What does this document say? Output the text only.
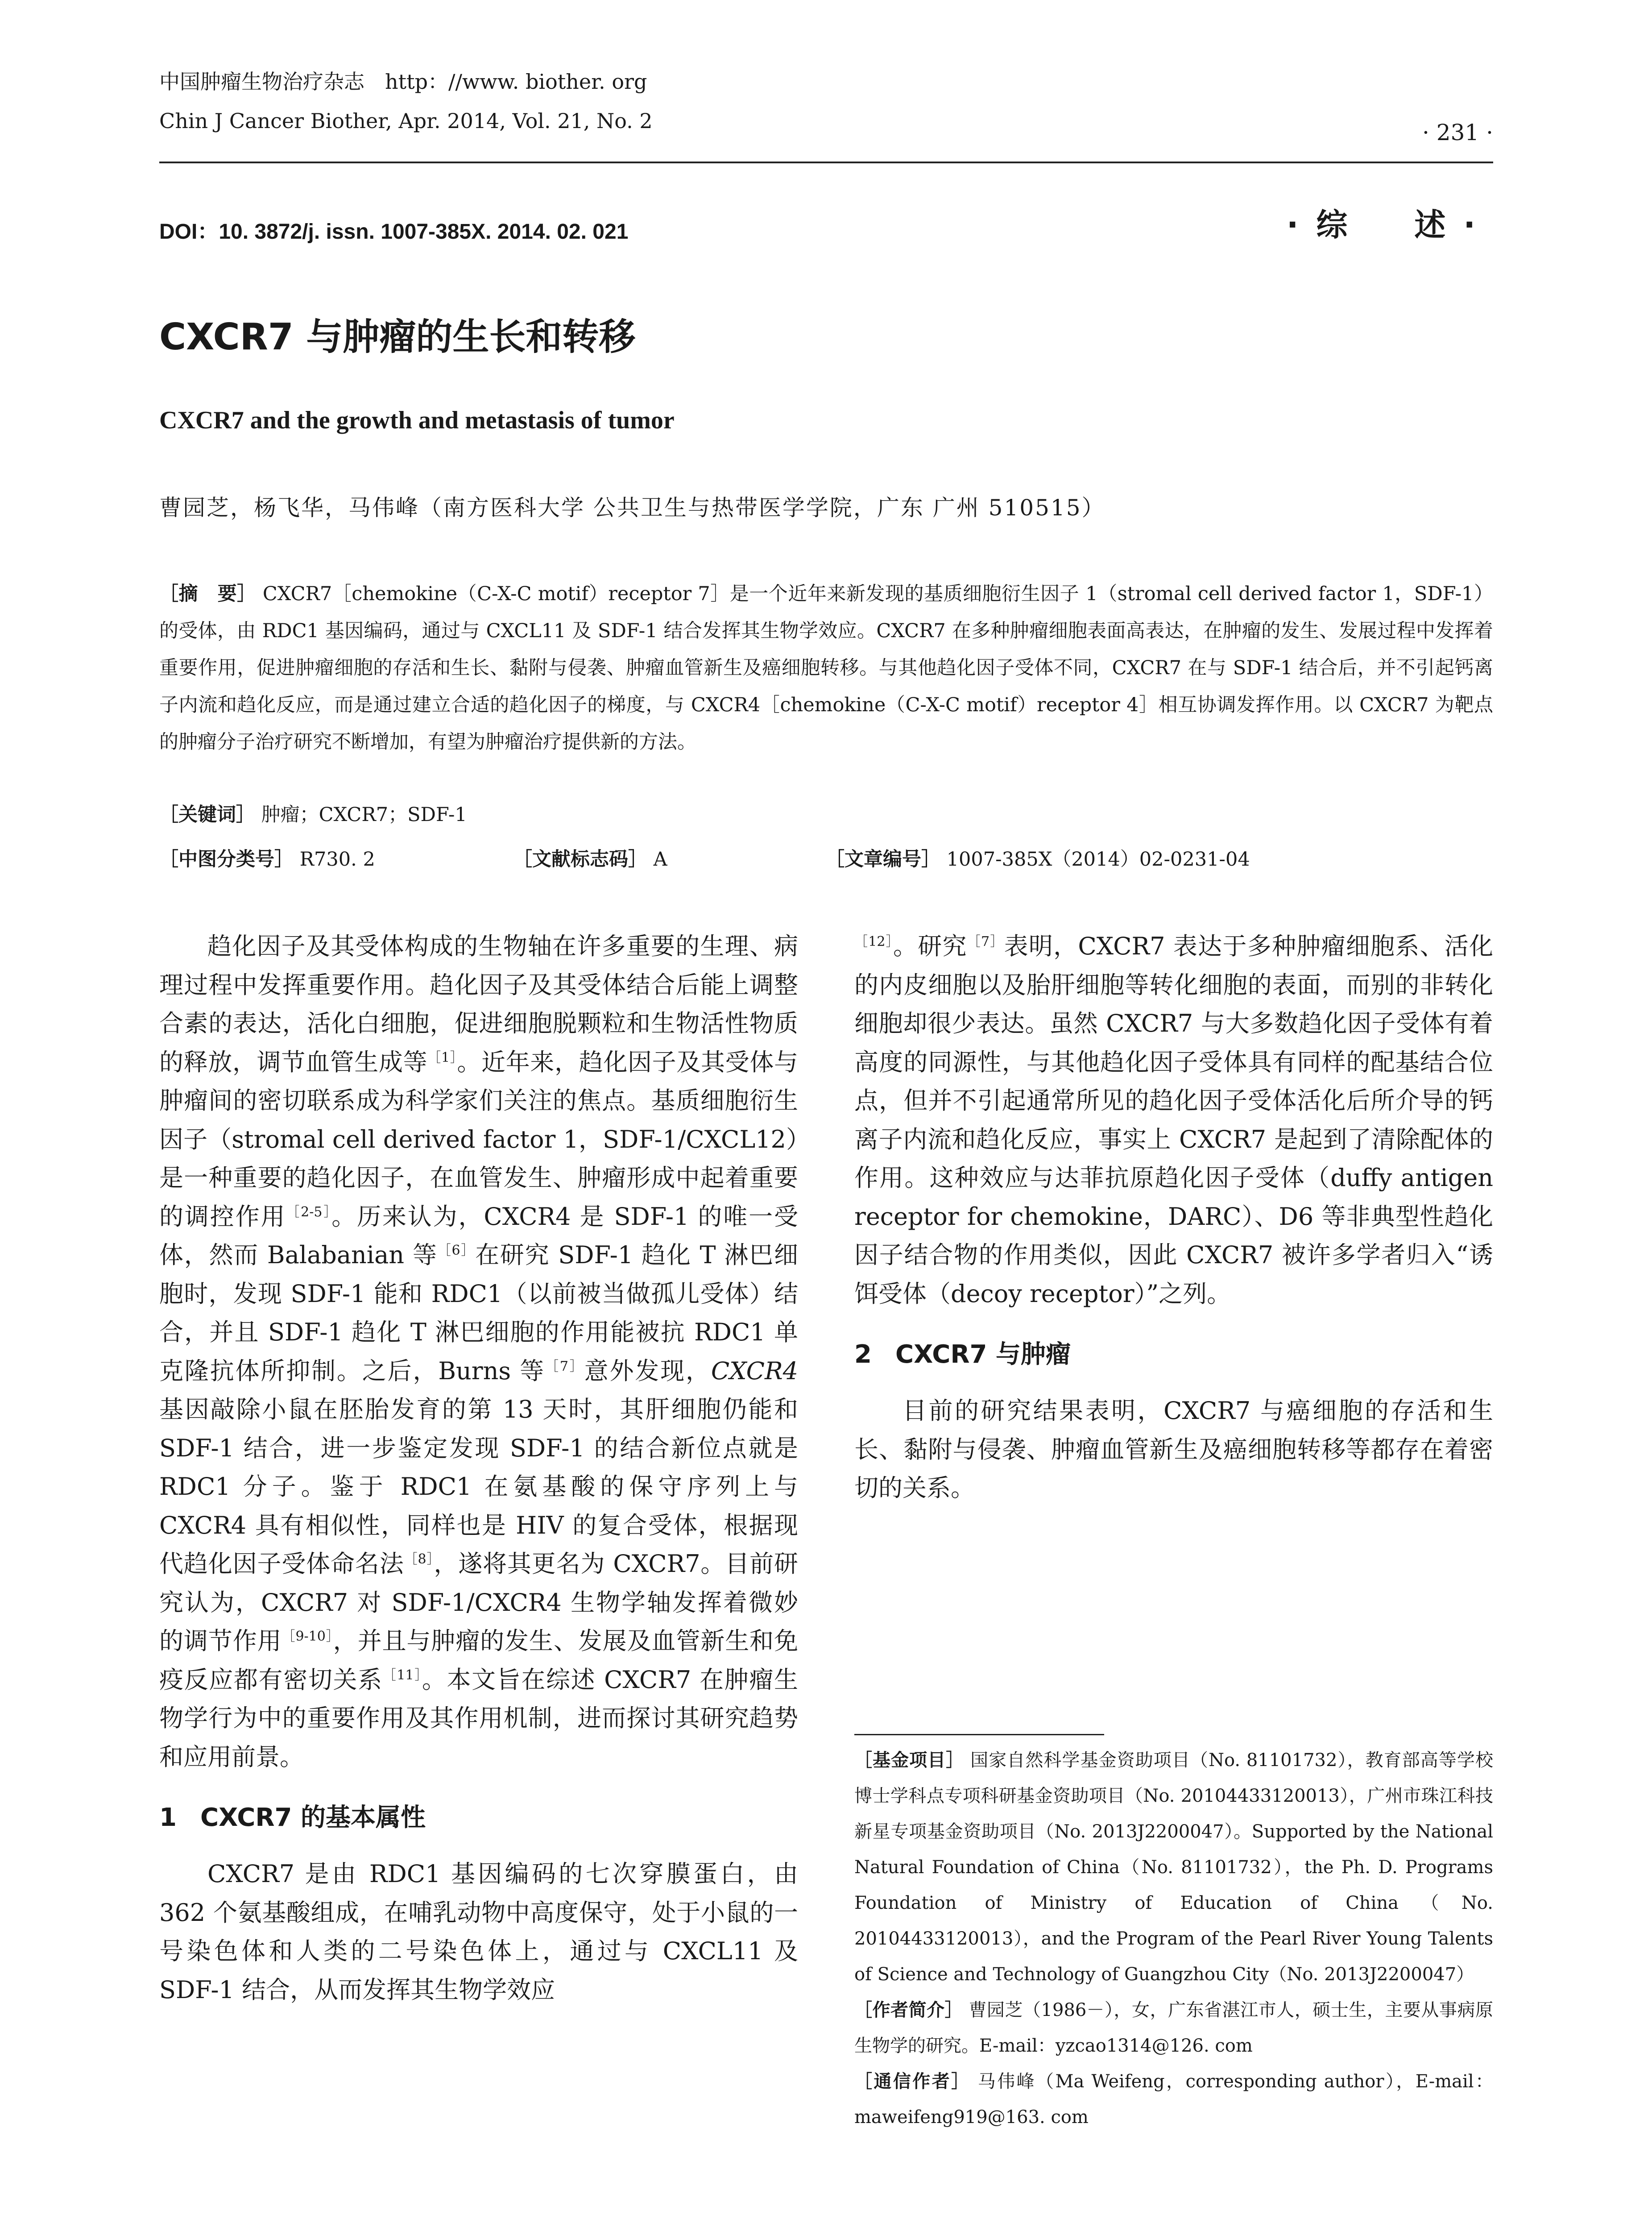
中国肿瘤生物治疗杂志　http：//www. biother. org
Chin J Cancer Biother, Apr. 2014, Vol. 21, No. 2	· 231 ·
DOI：10. 3872/j. issn. 1007-385X. 2014. 02. 021	·综　述·
CXCR7 与肿瘤的生长和转移
CXCR7 and the growth and metastasis of tumor
曹园芝，杨飞华，马伟峰（南方医科大学 公共卫生与热带医学学院，广东 广州 510515）
［摘　要］ CXCR7［chemokine（C-X-C motif）receptor 7］是一个近年来新发现的基质细胞衍生因子 1（stromal cell derived factor 1，SDF-1）的受体，由 RDC1 基因编码，通过与 CXCL11 及 SDF-1 结合发挥其生物学效应。CXCR7 在多种肿瘤细胞表面高表达，在肿瘤的发生、发展过程中发挥着重要作用，促进肿瘤细胞的存活和生长、黏附与侵袭、肿瘤血管新生及癌细胞转移。与其他趋化因子受体不同，CXCR7 在与 SDF-1 结合后，并不引起钙离子内流和趋化反应，而是通过建立合适的趋化因子的梯度，与 CXCR4［chemokine（C-X-C motif）receptor 4］相互协调发挥作用。以 CXCR7 为靶点的肿瘤分子治疗研究不断增加，有望为肿瘤治疗提供新的方法。
［关键词］ 肿瘤；CXCR7；SDF-1
［中图分类号］ R730. 2	［文献标志码］ A	［文章编号］ 1007-385X（2014）02-0231-04

趋化因子及其受体构成的生物轴在许多重要的生理、病理过程中发挥重要作用。趋化因子及其受体结合后能上调整合素的表达，活化白细胞，促进细胞脱颗粒和生物活性物质的释放，调节血管生成等$^{[1]}$。近年来，趋化因子及其受体与肿瘤间的密切联系成为科学家们关注的焦点。基质细胞衍生因子（stromal cell derived factor 1，SDF-1/CXCL12）是一种重要的趋化因子，在血管发生、肿瘤形成中起着重要的调控作用$^{[2-5]}$。历来认为，CXCR4 是 SDF-1 的唯一受体，然而 Balabanian 等$^{[6]}$在研究 SDF-1 趋化 T 淋巴细胞时，发现 SDF-1 能和 RDC1（以前被当做孤儿受体）结合，并且 SDF-1 趋化 T 淋巴细胞的作用能被抗 RDC1 单克隆抗体所抑制。之后，Burns 等$^{[7]}$意外发现，CXCR4 基因敲除小鼠在胚胎发育的第 13 天时，其肝细胞仍能和 SDF-1 结合，进一步鉴定发现 SDF-1 的结合新位点就是 RDC1 分子。鉴于 RDC1 在氨基酸的保守序列上与 CXCR4 具有相似性，同样也是 HIV 的复合受体，根据现代趋化因子受体命名法$^{[8]}$，遂将其更名为 CXCR7。目前研究认为，CXCR7 对 SDF-1/CXCR4 生物学轴发挥着微妙的调节作用$^{[9-10]}$，并且与肿瘤的发生、发展及血管新生和免疫反应都有密切关系$^{[11]}$。本文旨在综述 CXCR7 在肿瘤生物学行为中的重要作用及其作用机制，进而探讨其研究趋势和应用前景。

1 CXCR7 的基本属性

CXCR7 是由 RDC1 基因编码的七次穿膜蛋白，由 362 个氨基酸组成，在哺乳动物中高度保守，处于小鼠的一号染色体和人类的二号染色体上，通过与 CXCL11 及 SDF-1 结合，从而发挥其生物学效应

$^{[12]}$。研究$^{[7]}$表明，CXCR7 表达于多种肿瘤细胞系、活化的内皮细胞以及胎肝细胞等转化细胞的表面，而别的非转化细胞却很少表达。虽然 CXCR7 与大多数趋化因子受体有着高度的同源性，与其他趋化因子受体具有同样的配基结合位点，但并不引起通常所见的趋化因子受体活化后所介导的钙离子内流和趋化反应，事实上 CXCR7 是起到了清除配体的作用。这种效应与达菲抗原趋化因子受体（duffy antigen receptor for chemokine，DARC）、D6 等非典型性趋化因子结合物的作用类似，因此 CXCR7 被许多学者归入“诱饵受体（decoy receptor）”之列。

2 CXCR7 与肿瘤

目前的研究结果表明，CXCR7 与癌细胞的存活和生长、黏附与侵袭、肿瘤血管新生及癌细胞转移等都存在着密切的关系。

［基金项目］ 国家自然科学基金资助项目（No. 81101732），教育部高等学校博士学科点专项科研基金资助项目（No. 20104433120013），广州市珠江科技新星专项基金资助项目（No. 2013J2200047）。Supported by the National Natural Foundation of China（No. 81101732），the Ph. D. Programs Foundation of Ministry of Education of China（No. 20104433120013），and the Program of the Pearl River Young Talents of Science and Technology of Guangzhou City（No. 2013J2200047）
［作者简介］ 曹园芝（1986－），女，广东省湛江市人，硕士生，主要从事病原生物学的研究。E-mail：yzcao1314@126. com
［通信作者］ 马伟峰（Ma Weifeng，corresponding author），E-mail：maweifeng919@163. com
